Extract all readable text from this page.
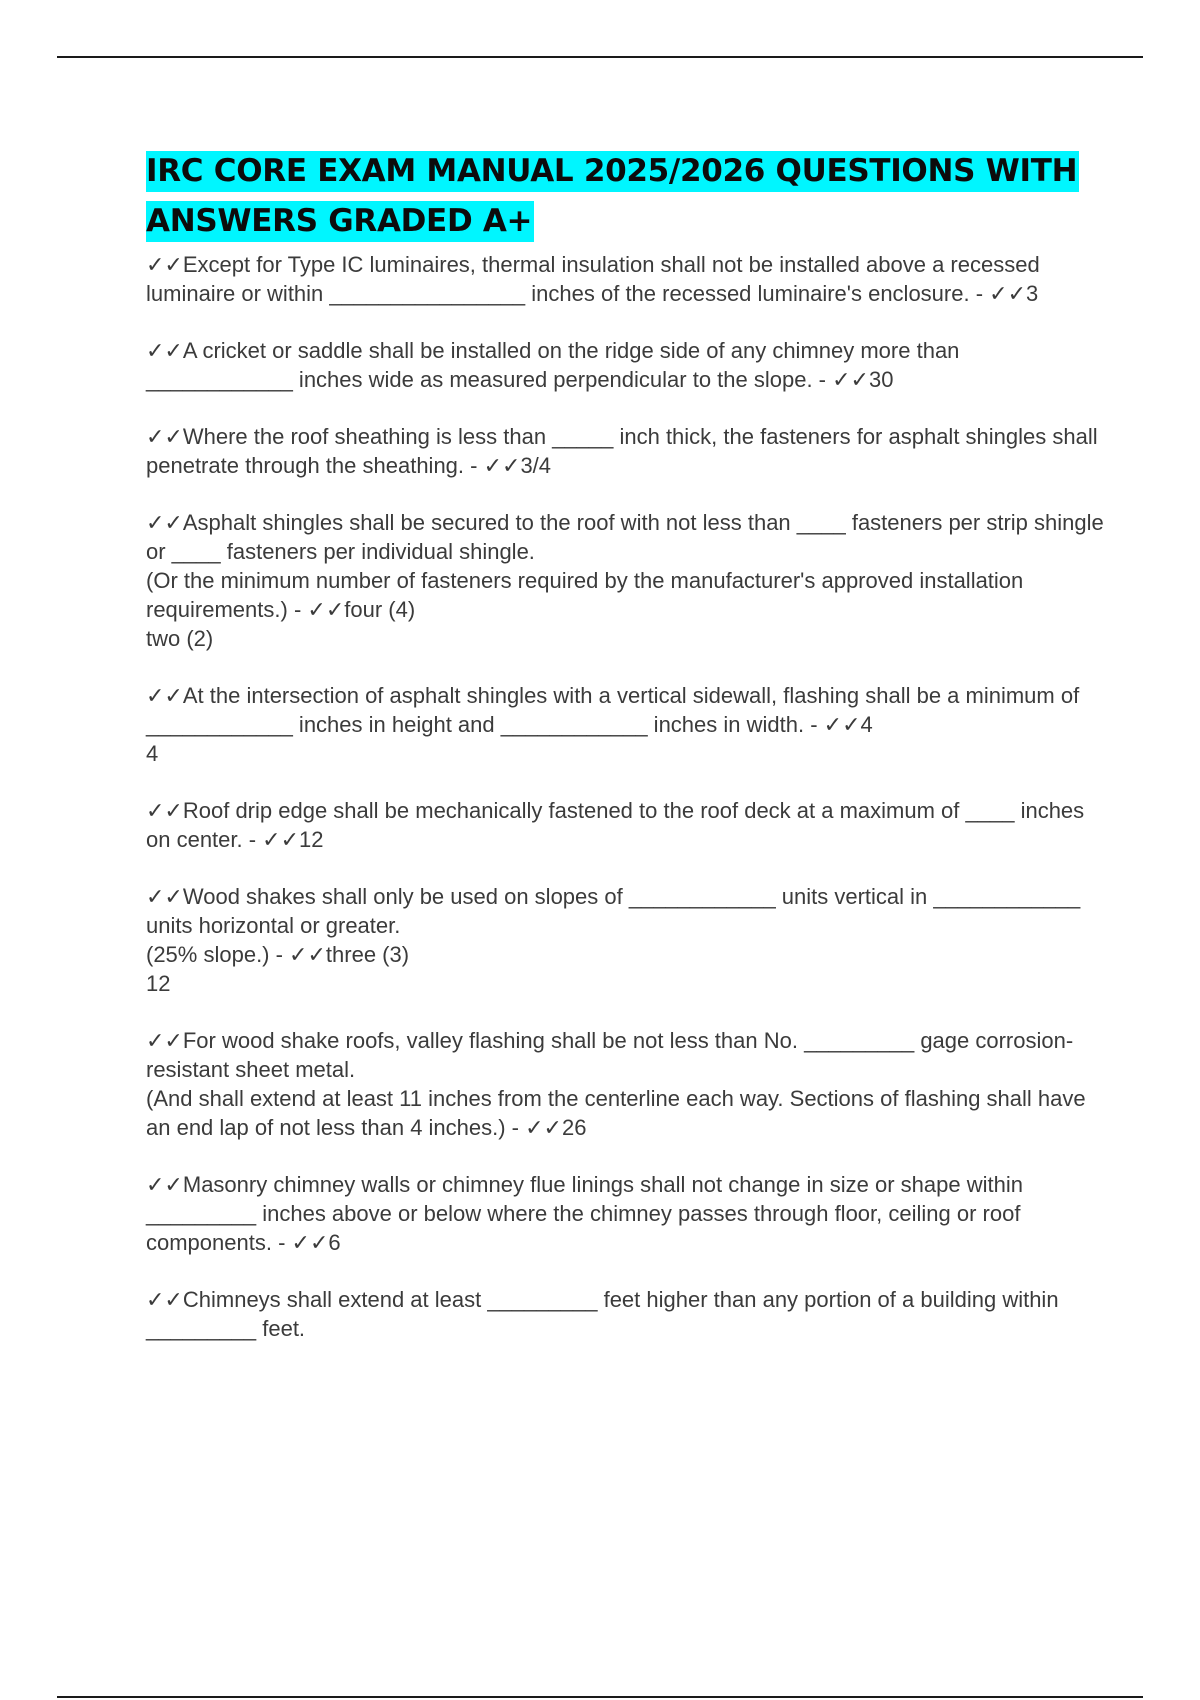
IRC CORE EXAM MANUAL 2025/2026 QUESTIONS WITH ANSWERS GRADED A+

✓✓Except for Type IC luminaires, thermal insulation shall not be installed above a recessed luminaire or within ________________ inches of the recessed luminaire's enclosure. - ✓✓3

✓✓A cricket or saddle shall be installed on the ridge side of any chimney more than ____________ inches wide as measured perpendicular to the slope. - ✓✓30

✓✓Where the roof sheathing is less than _____ inch thick, the fasteners for asphalt shingles shall penetrate through the sheathing. - ✓✓3/4

✓✓Asphalt shingles shall be secured to the roof with not less than ____ fasteners per strip shingle or ____ fasteners per individual shingle.
(Or the minimum number of fasteners required by the manufacturer's approved installation requirements.) - ✓✓four (4)
two (2)

✓✓At the intersection of asphalt shingles with a vertical sidewall, flashing shall be a minimum of ____________ inches in height and ____________ inches in width. - ✓✓4
4

✓✓Roof drip edge shall be mechanically fastened to the roof deck at a maximum of ____ inches on center. - ✓✓12

✓✓Wood shakes shall only be used on slopes of ____________ units vertical in ____________ units horizontal or greater.
(25% slope.) - ✓✓three (3)
12

✓✓For wood shake roofs, valley flashing shall be not less than No. _________ gage corrosion-resistant sheet metal.
(And shall extend at least 11 inches from the centerline each way. Sections of flashing shall have an end lap of not less than 4 inches.) - ✓✓26

✓✓Masonry chimney walls or chimney flue linings shall not change in size or shape within _________ inches above or below where the chimney passes through floor, ceiling or roof components. - ✓✓6

✓✓Chimneys shall extend at least _________ feet higher than any portion of a building within _________ feet.
